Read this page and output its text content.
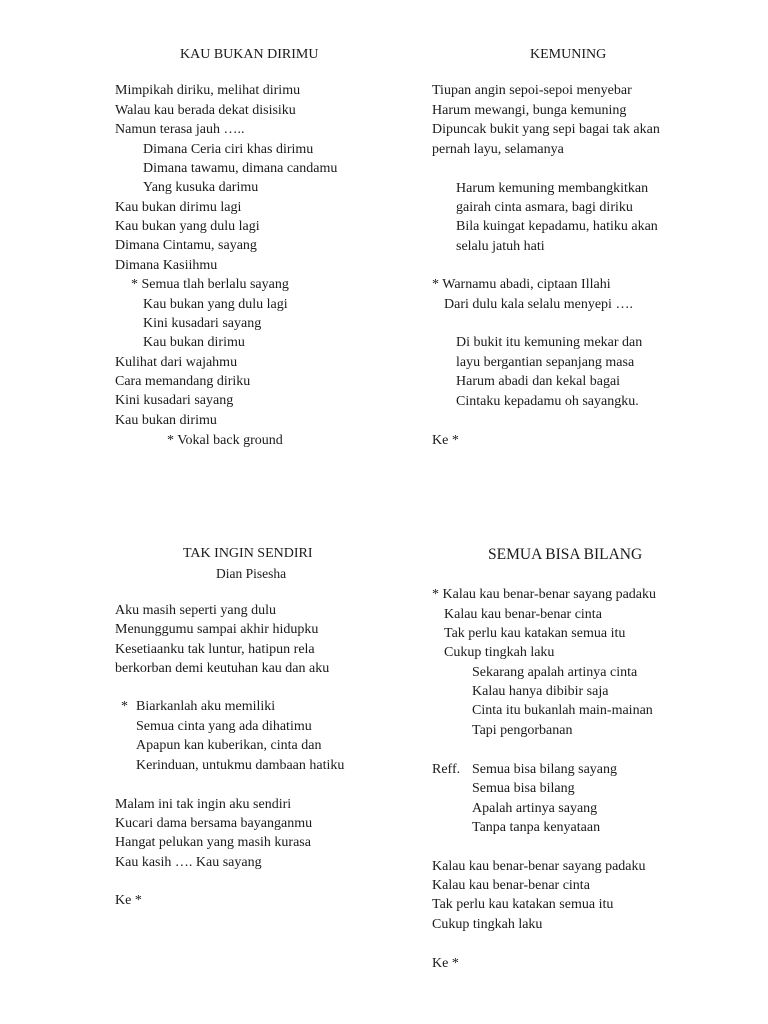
KAU BUKAN DIRIMU
Mimpikah diriku, melihat dirimu
Walau kau berada dekat disisiku
Namun terasa jauh …..
Dimana Ceria ciri khas dirimu
Dimana tawamu, dimana candamu
Yang kusuka darimu
Kau bukan dirimu lagi
Kau bukan yang dulu lagi
Dimana Cintamu, sayang
Dimana Kasiihmu
* Semua tlah berlalu sayang
Kau bukan yang dulu lagi
Kini kusadari sayang
Kau bukan dirimu
Kulihat dari wajahmu
Cara memandang diriku
Kini kusadari sayang
Kau bukan dirimu
* Vokal back ground
KEMUNING
Tiupan angin sepoi-sepoi menyebar
Harum mewangi, bunga kemuning
Dipuncak bukit yang sepi bagai tak akan
pernah layu, selamanya
Harum kemuning membangkitkan
gairah cinta asmara, bagi diriku
Bila kuingat kepadamu, hatiku akan
selalu jatuh hati
* Warnamu abadi, ciptaan Illahi
Dari dulu kala selalu menyepi ….
Di bukit itu kemuning mekar dan
layu bergantian sepanjang masa
Harum abadi dan kekal bagai
Cintaku kepadamu oh sayangku.
Ke *
TAK INGIN SENDIRI
Dian Pisesha
Aku masih seperti yang dulu
Menunggumu sampai akhir hidupku
Kesetiaanku tak luntur, hatipun rela
berkorban demi keutuhan kau dan aku
* Biarkanlah aku memiliki
Semua cinta yang ada dihatimu
Apapun kan kuberikan, cinta dan
Kerinduan, untukmu dambaan hatiku
Malam ini tak ingin aku sendiri
Kucari dama bersama bayanganmu
Hangat pelukan yang masih kurasa
Kau kasih …. Kau sayang
Ke *
SEMUA BISA BILANG
* Kalau kau benar-benar sayang padaku
Kalau kau benar-benar cinta
Tak perlu kau katakan semua itu
Cukup tingkah laku
Sekarang apalah artinya cinta
Kalau hanya dibibir saja
Cinta itu bukanlah main-mainan
Tapi pengorbanan
Reff. Semua bisa bilang sayang
Semua bisa bilang
Apalah artinya sayang
Tanpa tanpa kenyataan
Kalau kau benar-benar sayang padaku
Kalau kau benar-benar cinta
Tak perlu kau katakan semua itu
Cukup tingkah laku
Ke *
